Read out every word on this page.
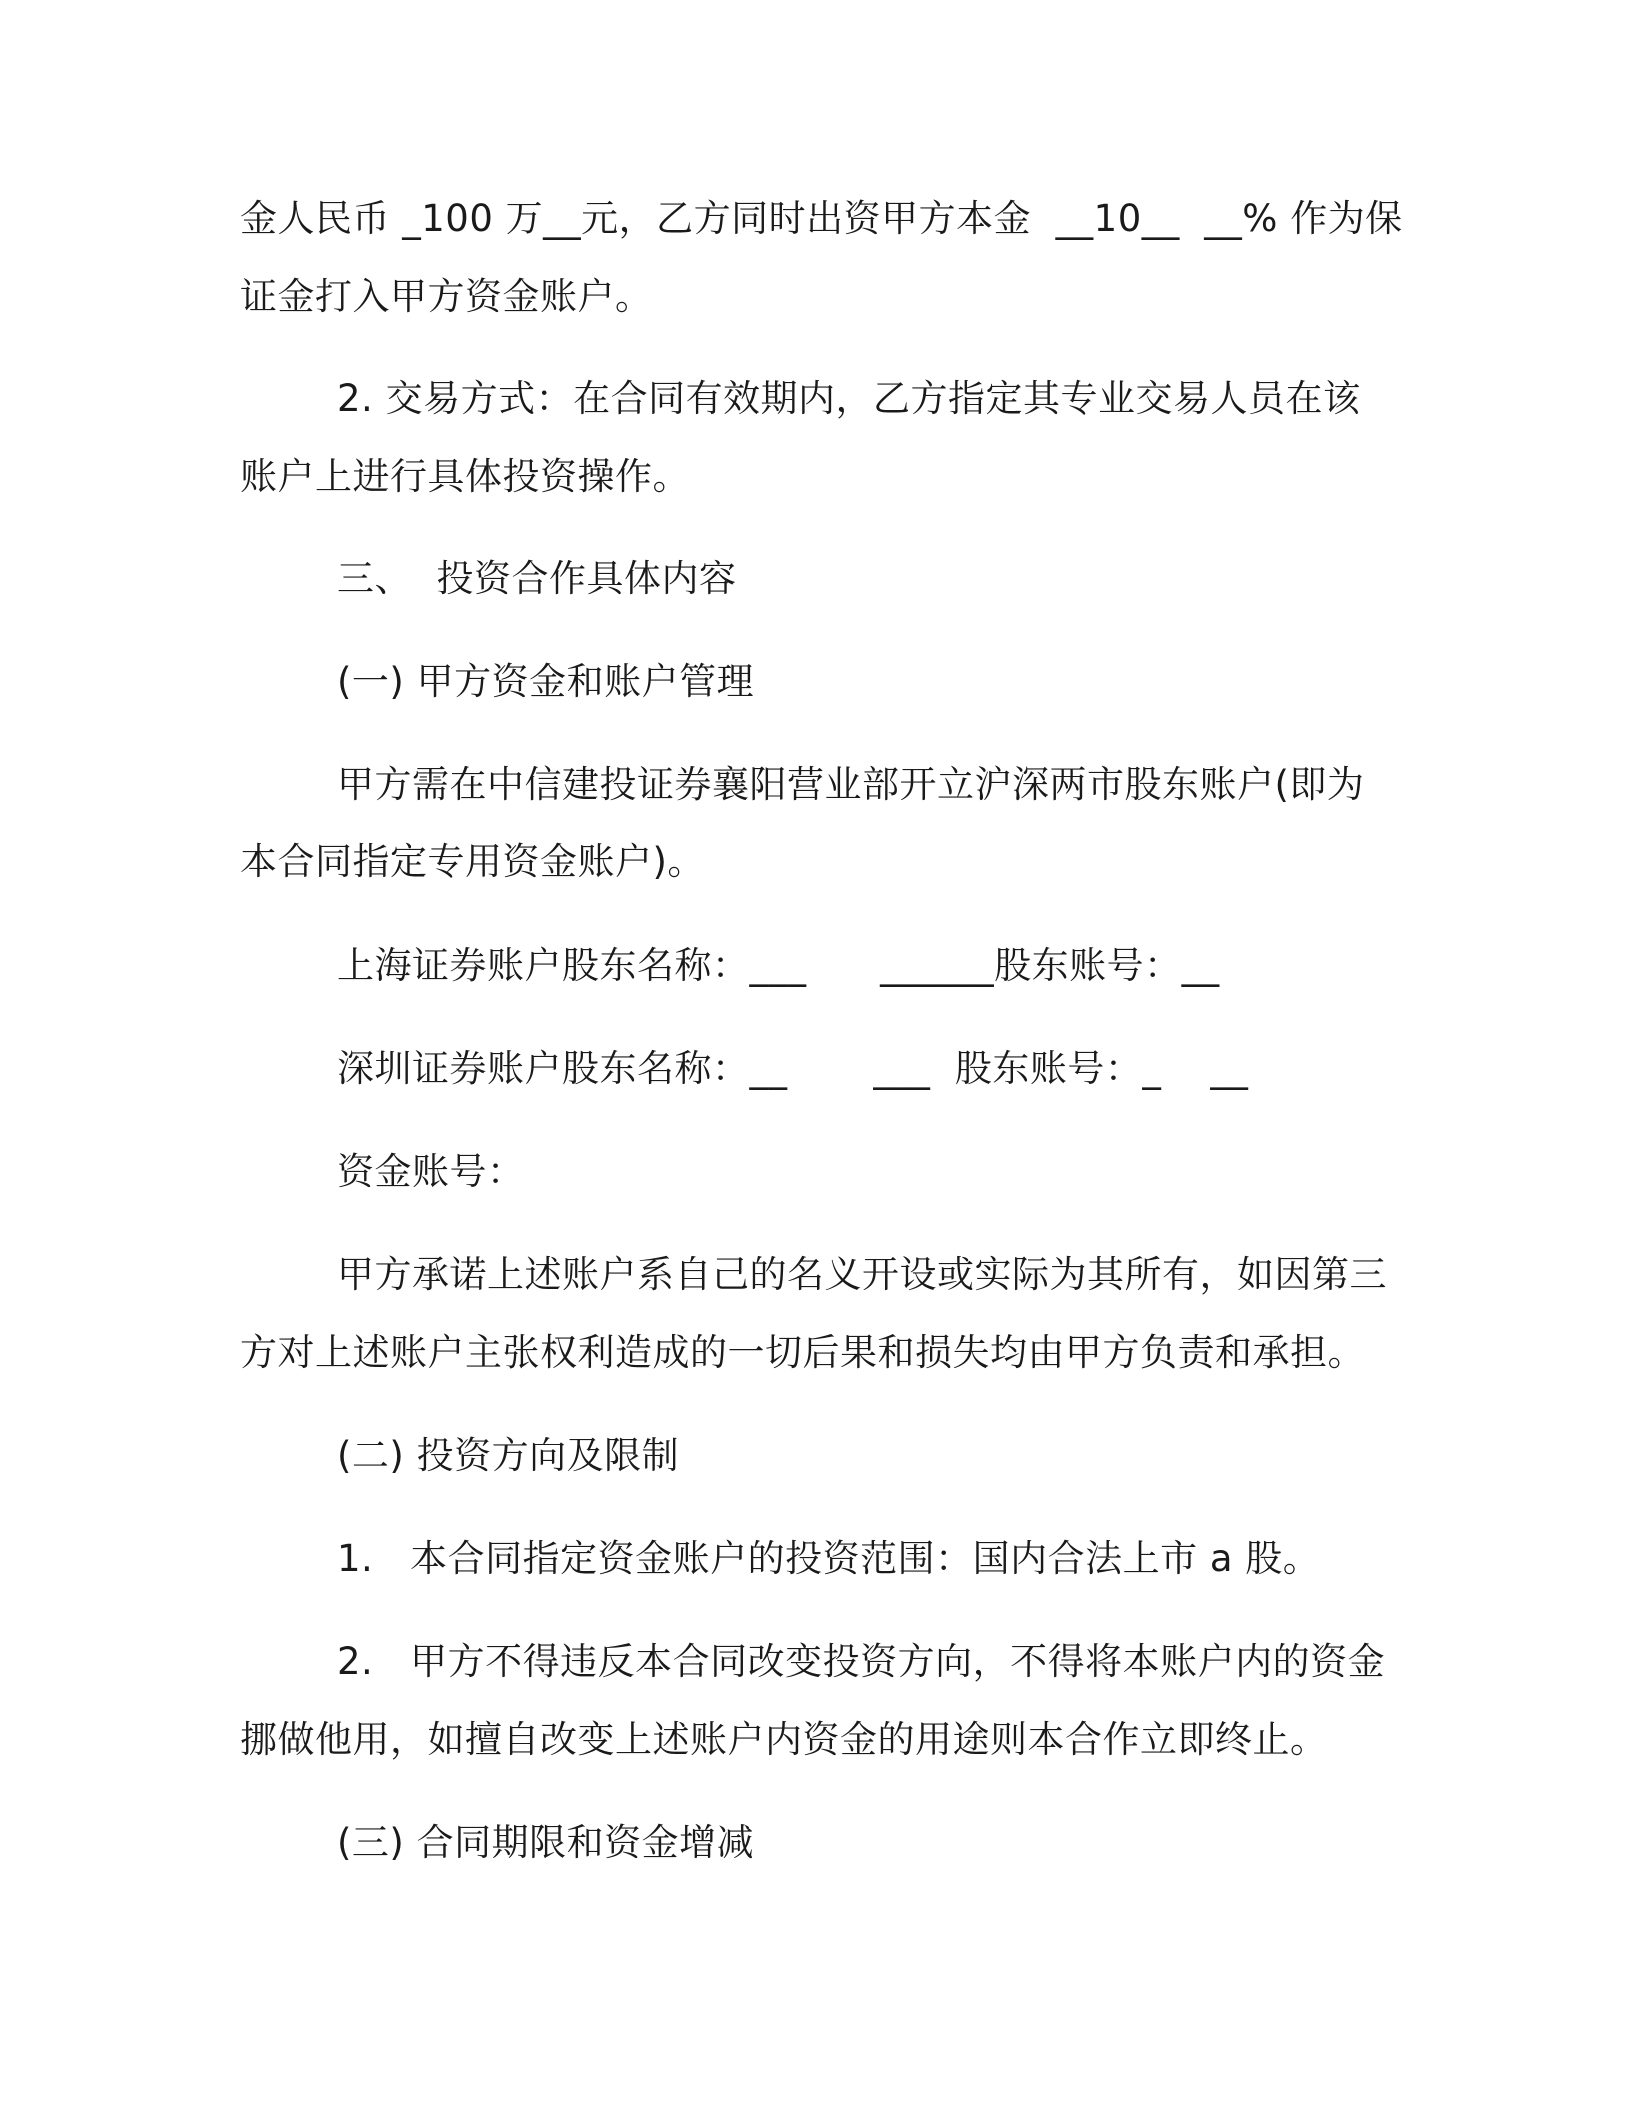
金人民币 _100 万__元，乙方同时出资甲方本金  __10__  __% 作为保
证金打入甲方资金账户。
2. 交易方式：在合同有效期内，乙方指定其专业交易人员在该
账户上进行具体投资操作。
三、  投资合作具体内容
(一) 甲方资金和账户管理
甲方需在中信建投证券襄阳营业部开立沪深两市股东账户(即为
本合同指定专用资金账户)。
上海证券账户股东名称：___      ______股东账号：__
深圳证券账户股东名称：__       ___  股东账号：_    __
资金账号：
甲方承诺上述账户系自己的名义开设或实际为其所有，如因第三
方对上述账户主张权利造成的一切后果和损失均由甲方负责和承担。
(二) 投资方向及限制
1.   本合同指定资金账户的投资范围：国内合法上市 a 股。
2.   甲方不得违反本合同改变投资方向，不得将本账户内的资金
挪做他用，如擅自改变上述账户内资金的用途则本合作立即终止。
(三) 合同期限和资金增减
